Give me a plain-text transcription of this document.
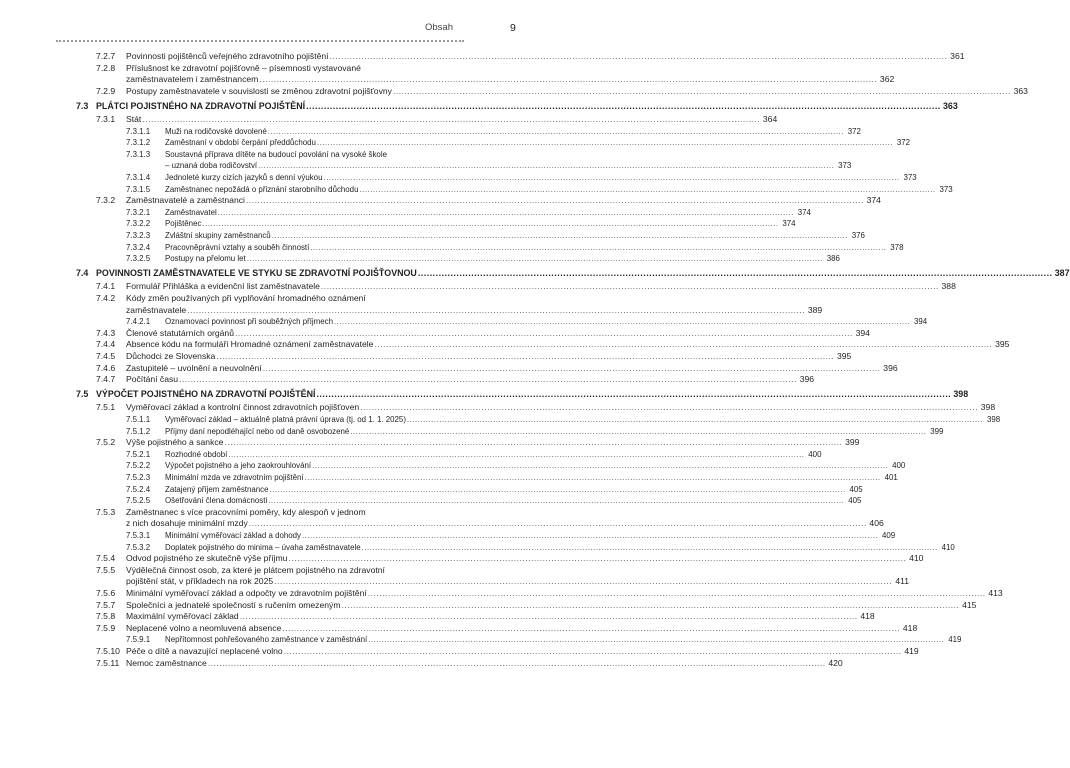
Obsah	9
7.2.7 Povinnosti pojištěnců veřejného zdravotního pojištění .....	361
7.2.8 Příslušnost ke zdravotní pojišťovně – písemnosti vystavované
zaměstnavatelem i zaměstnancem .....	362
7.2.9 Postupy zaměstnavatele v souvislosti se změnou zdravotní pojišťovny .....	363
7.3 PLÁTCI POJISTNÉHO NA ZDRAVOTNÍ POJIŠTĚNÍ .....	363
7.3.1 Stát .....	364
7.3.1.1 Muži na rodičovské dovolené .....	372
7.3.1.2 Zaměstnaní v období čerpání předdůchodu .....	372
7.3.1.3 Soustavná příprava dítěte na budoucí povolání na vysoké škole
– uznaná doba rodičovství .....	373
7.3.1.4 Jednoleté kurzy cizích jazyků s denní výukou .....	373
7.3.1.5 Zaměstnanec nepožádá o přiznání starobního důchodu .....	373
7.3.2 Zaměstnavatelé a zaměstnanci .....	374
7.3.2.1 Zaměstnavatel .....	374
7.3.2.2 Pojištěnec .....	374
7.3.2.3 Zvláštní skupiny zaměstnanců .....	376
7.3.2.4 Pracovněprávní vztahy a souběh činností .....	378
7.3.2.5 Postupy na přelomu let .....	386
7.4 POVINNOSTI ZAMĚSTNAVATELE VE STYKU SE ZDRAVOTNÍ POJIŠŤOVNOU .....	387
7.4.1 Formulář Přihláška a evidenční list zaměstnavatele .....	388
7.4.2 Kódy změn používaných při vyplňování hromadného oznámení
zaměstnavatele .....	389
7.4.2.1 Oznamovací povinnost při souběžných příjmech .....	394
7.4.3 Členové statutárních orgánů .....	394
7.4.4 Absence kódu na formuláři Hromadné oznámení zaměstnavatele .....	395
7.4.5 Důchodci ze Slovenska .....	395
7.4.6 Zastupitelé – uvolnění a neuvolnění .....	396
7.4.7 Počítání času .....	396
7.5 VÝPOČET POJISTNÉHO NA ZDRAVOTNÍ POJIŠTĚNÍ .....	398
7.5.1 Vyměřovací základ a kontrolní činnost zdravotních pojišťoven .....	398
7.5.1.1 Vyměřovací základ – aktuálně platná právní úprava (tj. od 1. 1. 2025) .....	398
7.5.1.2 Příjmy daní nepodléhající nebo od daně osvobozené .....	399
7.5.2 Výše pojistného a sankce .....	399
7.5.2.1 Rozhodné období .....	400
7.5.2.2 Výpočet pojistného a jeho zaokrouhlování .....	400
7.5.2.3 Minimální mzda ve zdravotním pojištění .....	401
7.5.2.4 Zatajený příjem zaměstnance .....	405
7.5.2.5 Ošetřování člena domácnosti .....	405
7.5.3 Zaměstnanec s více pracovními poměry, kdy alespoň v jednom
z nich dosahuje minimální mzdy .....	406
7.5.3.1 Minimální vyměřovací základ a dohody .....	409
7.5.3.2 Doplatek pojistného do minima – úvaha zaměstnavatele .....	410
7.5.4 Odvod pojistného ze skutečně výše příjmu .....	410
7.5.5 Výdělečná činnost osob, za které je plátcem pojistného na zdravotní
pojištění stát, v příkladech na rok 2025 .....	411
7.5.6 Minimální vyměřovací základ a odpočty ve zdravotním pojištění .....	413
7.5.7 Společníci a jednatelé společností s ručením omezeným .....	415
7.5.8 Maximální vyměřovací základ .....	418
7.5.9 Neplacené volno a neomluvená absence .....	418
7.5.9.1 Nepřítomnost pohřešovaného zaměstnance v zaměstnání .....	419
7.5.10 Péče o dítě a navazující neplacené volno .....	419
7.5.11 Nemoc zaměstnance .....	420
